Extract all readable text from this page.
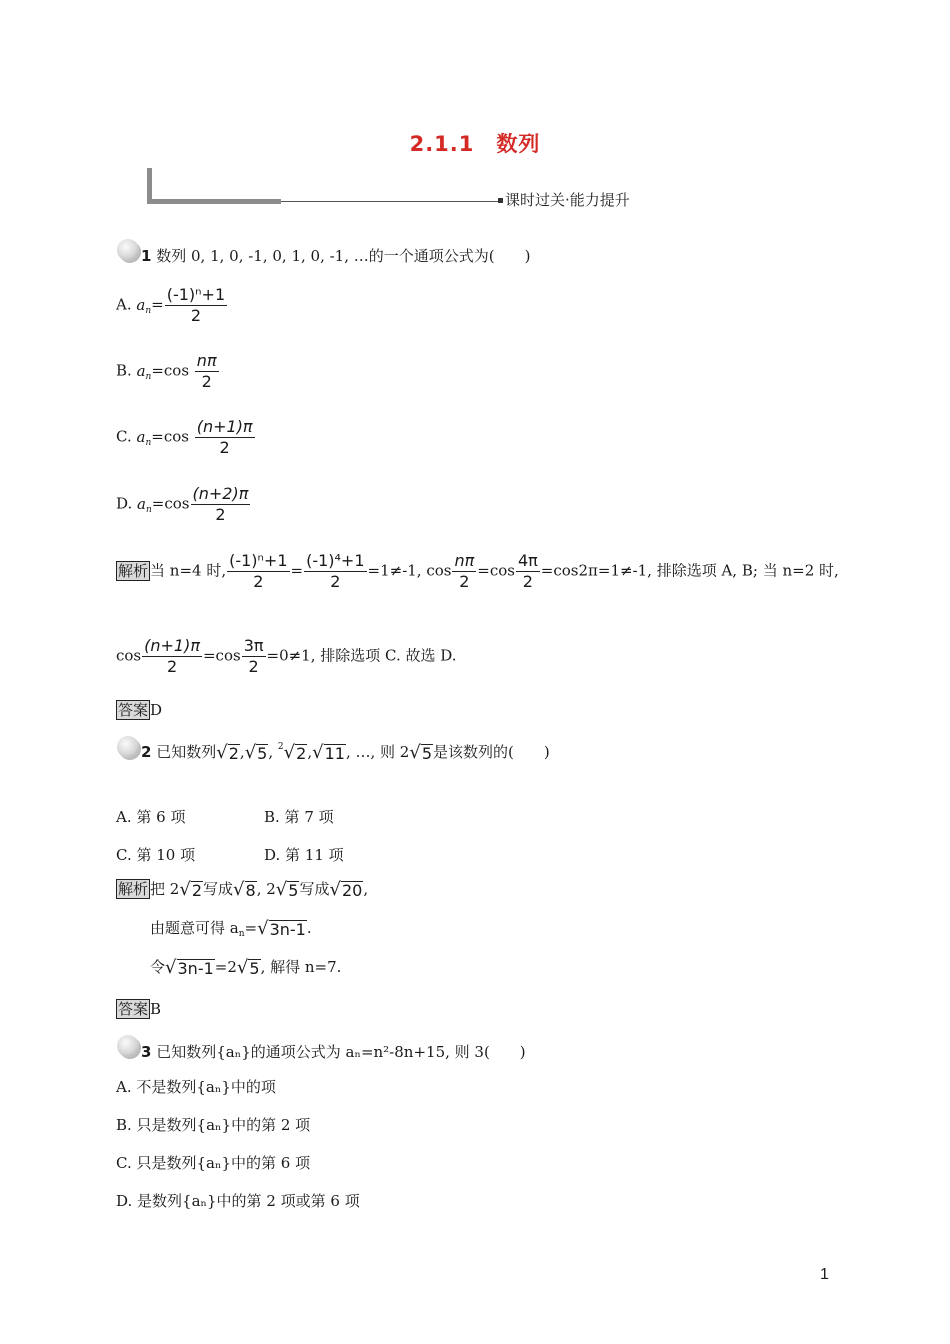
2.1.1　数列
课时过关·能力提升
1 数列 0, 1, 0, -1, 0, 1, 0, -1, …的一个通项公式为(　　)
A. $a_n= \frac{\text{(-1)ⁿ+1}}{2}$
B. $a_n=\cos \frac{n\pi}{2}$
C. $a_n=\cos \frac{(n+1)\pi}{2}$
D. $a_n=\cos \frac{(n+2)\pi}{2}$
解析 当 n=4 时, $\frac{\text{(-1)ⁿ+1}}{2} = \frac{\text{(-1)⁴+1}}{2} =1\ne-1$, $\cos \frac{n\pi}{2} =\cos \frac{4\pi}{2} =\cos 2\pi=1\ne-1$, 排除选项 A, B; 当 n=2 时,
$\cos \frac{(n+1)\pi}{2} =\cos \frac{3\pi}{2} =0\ne 1$, 排除选项 C. 故选 D.
答案 D
2 已知数列 √ 2 , √ 5 , $^2$ √ 2 , √ 11 , …, 则 2 √ 5 是该数列的(　　)
A. 第 6 项	B. 第 7 项
C. 第 10 项	D. 第 11 项
解析 把 2 √ 2 写成 √ 8 , 2 √ 5 写成 √ 20 ,
由题意可得 $a_n=$ √ 3n-1 .
令 √ 3n-1 =2 √ 5 , 解得 n=7.
答案 B
3 已知数列{aₙ}的通项公式为 aₙ=n²-8n+15, 则 3(　　)
A. 不是数列{aₙ}中的项
B. 只是数列{aₙ}中的第 2 项
C. 只是数列{aₙ}中的第 6 项
D. 是数列{aₙ}中的第 2 项或第 6 项
1
